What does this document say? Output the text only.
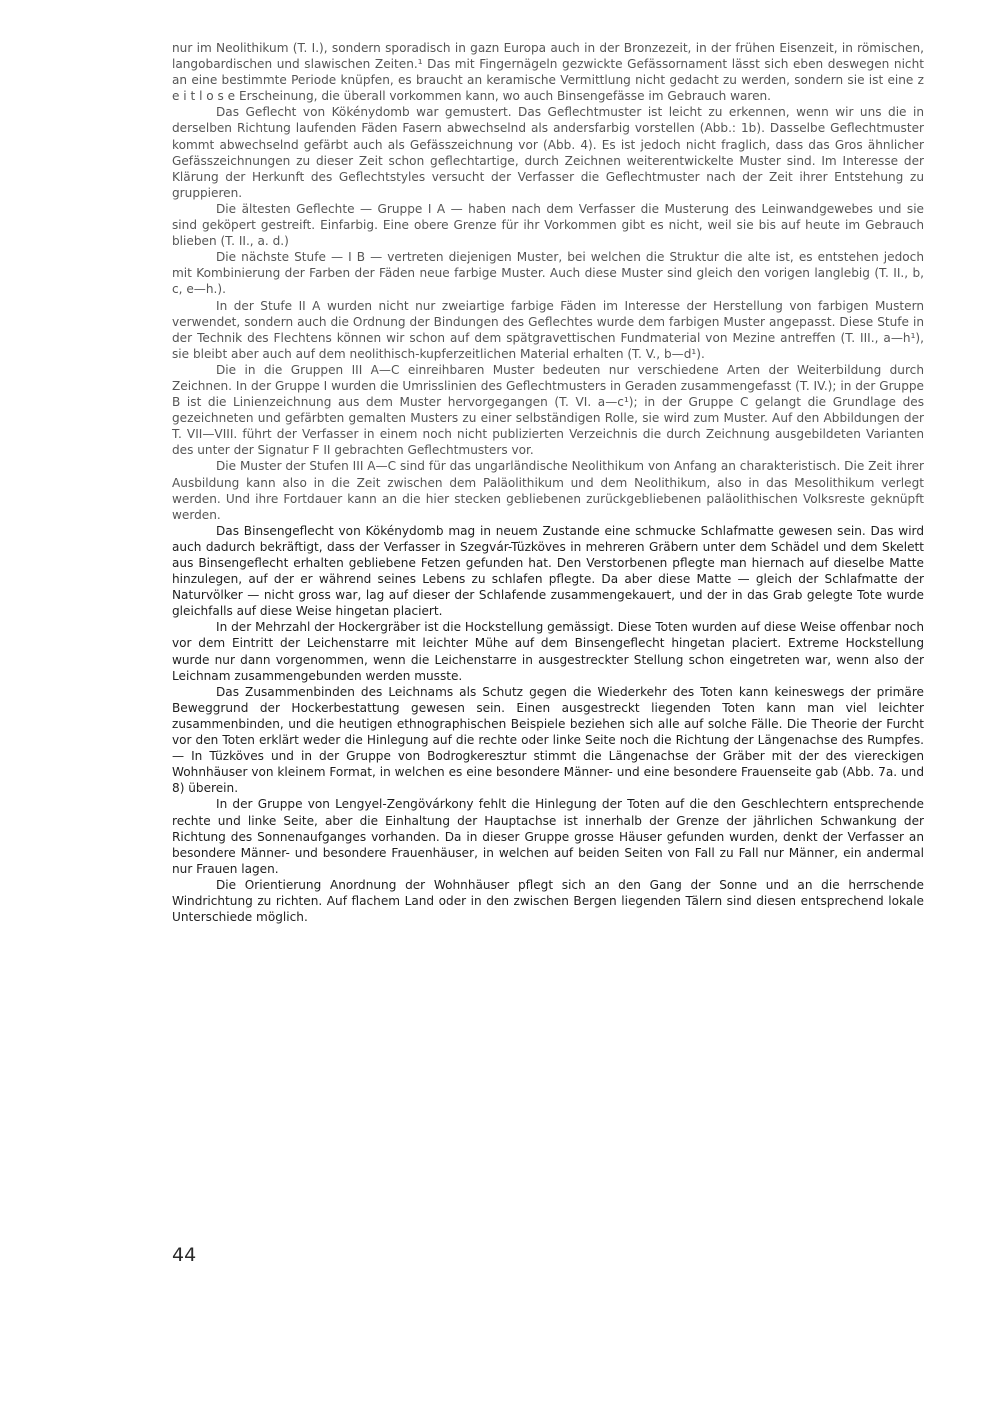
nur im Neolithikum (T. I.), sondern sporadisch in gazn Europa auch in der Bronzezeit, in der frühen Eisenzeit, in römischen, langobardischen und slawischen Zeiten.¹ Das mit Fingernägeln gezwickte Gefässornament lässt sich eben deswegen nicht an eine bestimmte Periode knüpfen, es braucht an keramische Vermittlung nicht gedacht zu werden, sondern sie ist eine z e i t l o s e Erscheinung, die überall vorkommen kann, wo auch Binsengefässe im Gebrauch waren.

Das Geflecht von Kökénydomb war gemustert. Das Geflechtmuster ist leicht zu erkennen, wenn wir uns die in derselben Richtung laufenden Fäden Fasern abwechselnd als andersfarbig vorstellen (Abb.: 1b). Dasselbe Geflechtmuster kommt abwechselnd gefärbt auch als Gefässzeichnung vor (Abb. 4). Es ist jedoch nicht fraglich, dass das Gros ähnlicher Gefässzeichnungen zu dieser Zeit schon geflechtartige, durch Zeichnen weiterentwickelte Muster sind. Im Interesse der Klärung der Herkunft des Geflechtstyles versucht der Verfasser die Geflechtmuster nach der Zeit ihrer Entstehung zu gruppieren.

Die ältesten Geflechte — Gruppe I A — haben nach dem Verfasser die Musterung des Leinwandgewebes und sie sind geköpert gestreift. Einfarbig. Eine obere Grenze für ihr Vorkommen gibt es nicht, weil sie bis auf heute im Gebrauch blieben (T. II., a. d.)

Die nächste Stufe — I B — vertreten diejenigen Muster, bei welchen die Struktur die alte ist, es entstehen jedoch mit Kombinierung der Farben der Fäden neue farbige Muster. Auch diese Muster sind gleich den vorigen langlebig (T. II., b, c, e—h.).

In der Stufe II A wurden nicht nur zweiartige farbige Fäden im Interesse der Herstellung von farbigen Mustern verwendet, sondern auch die Ordnung der Bindungen des Geflechtes wurde dem farbigen Muster angepasst. Diese Stufe in der Technik des Flechtens können wir schon auf dem spätgravettischen Fundmaterial von Mezine antreffen (T. III., a—h¹), sie bleibt aber auch auf dem neolithisch-kupferzeitlichen Material erhalten (T. V., b—d¹).

Die in die Gruppen III A—C einreihbaren Muster bedeuten nur verschiedene Arten der Weiterbildung durch Zeichnen. In der Gruppe I wurden die Umrisslinien des Geflechtmusters in Geraden zusammengefasst (T. IV.); in der Gruppe B ist die Linienzeichnung aus dem Muster hervorgegangen (T. VI. a—c¹); in der Gruppe C gelangt die Grundlage des gezeichneten und gefärbten gemalten Musters zu einer selbständigen Rolle, sie wird zum Muster. Auf den Abbildungen der T. VII—VIII. führt der Verfasser in einem noch nicht publizierten Verzeichnis die durch Zeichnung ausgebildeten Varianten des unter der Signatur F II gebrachten Geflechtmusters vor.

Die Muster der Stufen III A—C sind für das ungarländische Neolithikum von Anfang an charakteristisch. Die Zeit ihrer Ausbildung kann also in die Zeit zwischen dem Paläolithikum und dem Neolithikum, also in das Mesolithikum verlegt werden. Und ihre Fortdauer kann an die hier stecken gebliebenen zurückgebliebenen paläolithischen Volksreste geknüpft werden.

Das Binsengeflecht von Kökénydomb mag in neuem Zustande eine schmucke Schlafmatte gewesen sein. Das wird auch dadurch bekräftigt, dass der Verfasser in Szegvár-Tüzköves in mehreren Gräbern unter dem Schädel und dem Skelett aus Binsengeflecht erhalten gebliebene Fetzen gefunden hat. Den Verstorbenen pflegte man hiernach auf dieselbe Matte hinzulegen, auf der er während seines Lebens zu schlafen pflegte. Da aber diese Matte — gleich der Schlafmatte der Naturvölker — nicht gross war, lag auf dieser der Schlafende zusammengekauert, und der in das Grab gelegte Tote wurde gleichfalls auf diese Weise hingetan placiert.

In der Mehrzahl der Hockergräber ist die Hockstellung gemässigt. Diese Toten wurden auf diese Weise offenbar noch vor dem Eintritt der Leichenstarre mit leichter Mühe auf dem Binsengeflecht hingetan placiert. Extreme Hockstellung wurde nur dann vorgenommen, wenn die Leichenstarre in ausgestreckter Stellung schon eingetreten war, wenn also der Leichnam zusammengebunden werden musste.

Das Zusammenbinden des Leichnams als Schutz gegen die Wiederkehr des Toten kann keineswegs der primäre Beweggrund der Hockerbestattung gewesen sein. Einen ausgestreckt liegenden Toten kann man viel leichter zusammenbinden, und die heutigen ethnographischen Beispiele beziehen sich alle auf solche Fälle. Die Theorie der Furcht vor den Toten erklärt weder die Hinlegung auf die rechte oder linke Seite noch die Richtung der Längenachse des Rumpfes. — In Tüzköves und in der Gruppe von Bodrogkeresztur stimmt die Längenachse der Gräber mit der des viereckigen Wohnhäuser von kleinem Format, in welchen es eine besondere Männer- und eine besondere Frauenseite gab (Abb. 7a. und 8) überein.

In der Gruppe von Lengyel-Zengövárkony fehlt die Hinlegung der Toten auf die den Geschlechtern entsprechende rechte und linke Seite, aber die Einhaltung der Hauptachse ist innerhalb der Grenze der jährlichen Schwankung der Richtung des Sonnenaufganges vorhanden. Da in dieser Gruppe grosse Häuser gefunden wurden, denkt der Verfasser an besondere Männer- und besondere Frauenhäuser, in welchen auf beiden Seiten von Fall zu Fall nur Männer, ein andermal nur Frauen lagen.

Die Orientierung Anordnung der Wohnhäuser pflegt sich an den Gang der Sonne und an die herrschende Windrichtung zu richten. Auf flachem Land oder in den zwischen Bergen liegenden Tälern sind diesen entsprechend lokale Unterschiede möglich.

44
